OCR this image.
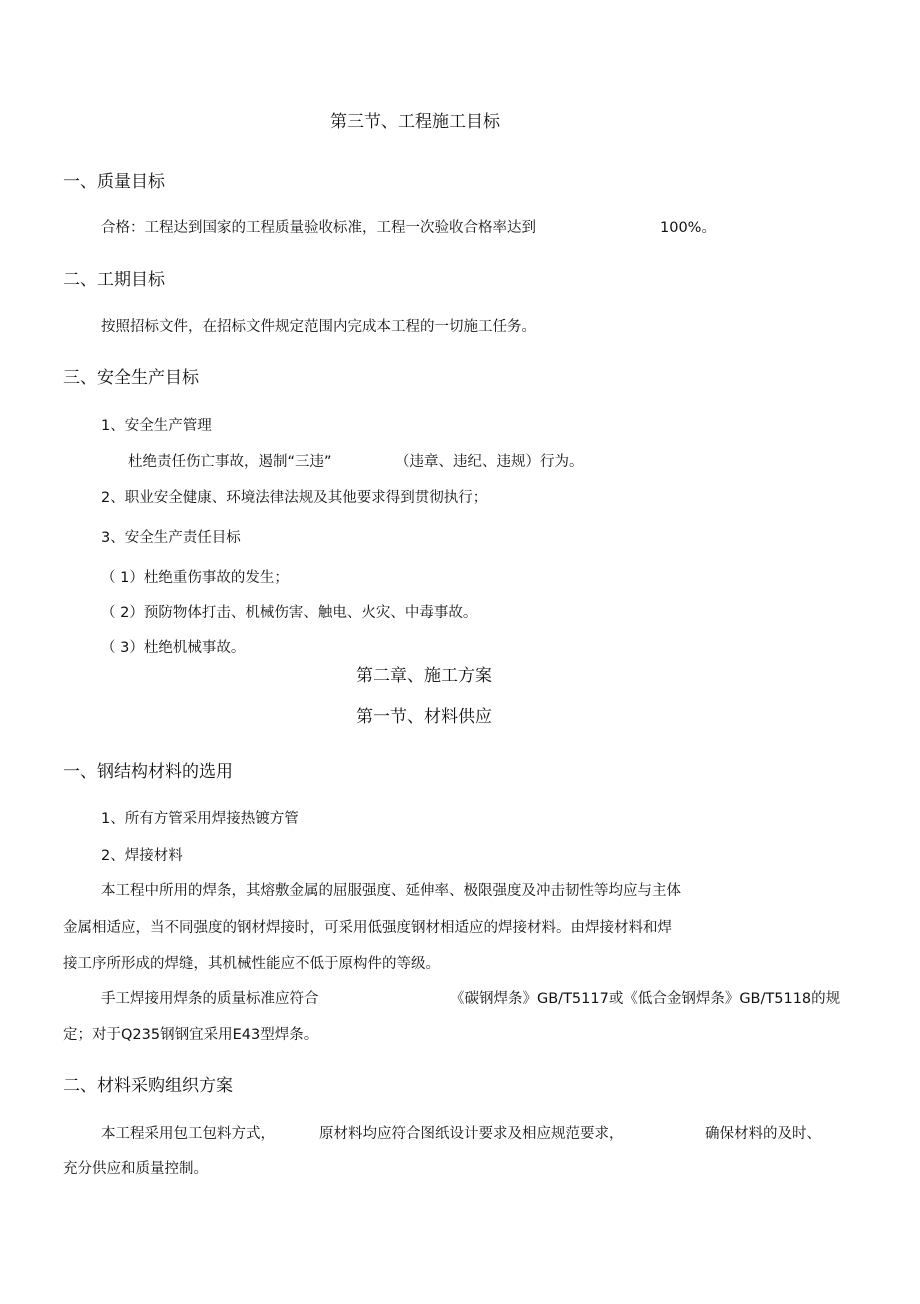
第三节、工程施工目标
一、质量目标
合格：工程达到国家的工程质量验收标准，工程一次验收合格率达到	100%。
二、工期目标
按照招标文件，在招标文件规定范围内完成本工程的一切施工任务。
三、安全生产目标
1、安全生产管理
杜绝责任伤亡事故，遏制“三违”	（违章、违纪、违规）行为。
2、职业安全健康、环境法律法规及其他要求得到贯彻执行；
3、安全生产责任目标
（ 1）杜绝重伤事故的发生；
（ 2）预防物体打击、机械伤害、触电、火灾、中毒事故。
（ 3）杜绝机械事故。
第二章、施工方案
第一节、材料供应
一、钢结构材料的选用
1、所有方管采用焊接热镀方管
2、焊接材料
本工程中所用的焊条，其熔敷金属的屈服强度、延伸率、极限强度及冲击韧性等均应与主体
金属相适应，当不同强度的钢材焊接时，可采用低强度钢材相适应的焊接材料。由焊接材料和焊
接工序所形成的焊缝，其机械性能应不低于原构件的等级。
手工焊接用焊条的质量标准应符合	《碳钢焊条》GB/T5117或《低合金钢焊条》GB/T5118的规
定；对于Q235钢钢宜采用E43型焊条。
二、材料采购组织方案
本工程采用包工包料方式，	原材料均应符合图纸设计要求及相应规范要求，	确保材料的及时、
充分供应和质量控制。
